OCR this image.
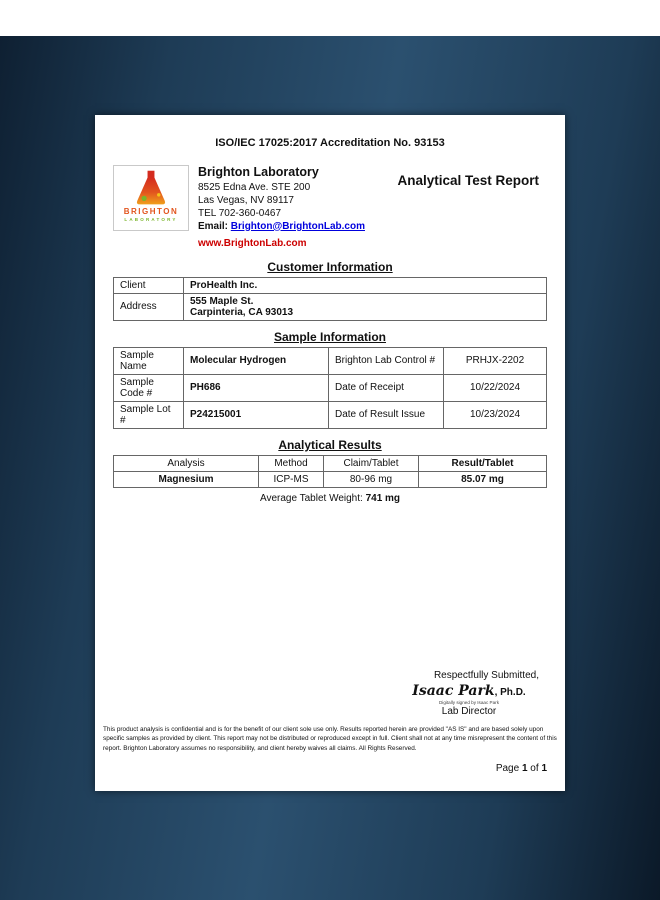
ISO/IEC 17025:2017 Accreditation No. 93153
BRIGHTON
LABORATORY
Brighton Laboratory
8525 Edna Ave. STE 200
Las Vegas, NV 89117
TEL 702-360-0467
Email: Brighton@BrightonLab.com
www.BrightonLab.com
Analytical Test Report
Customer Information
Client	ProHealth Inc.
Address	555 Maple St.
Carpinteria, CA 93013
Sample Information
Sample Name	Molecular Hydrogen	Brighton Lab Control #	PRHJX-2202
Sample Code #	PH686	Date of Receipt	10/22/2024
Sample Lot #	P24215001	Date of Result Issue	10/23/2024
Analytical Results
Analysis	Method	Claim/Tablet	Result/Tablet
Magnesium	ICP-MS	80-96 mg	85.07 mg
Average Tablet Weight: 741 mg
Respectfully Submitted,
Isaac Park, Ph.D.
Digitally signed by Isaac Park
Lab Director
This product analysis is confidential and is for the benefit of our client sole use only. Results reported herein are provided "AS IS" and are based solely upon specific samples as provided by client. This report may not be distributed or reproduced except in full. Client shall not at any time misrepresent the content of this report. Brighton Laboratory assumes no responsibility, and client hereby waives all claims. All Rights Reserved.
Page 1 of 1
